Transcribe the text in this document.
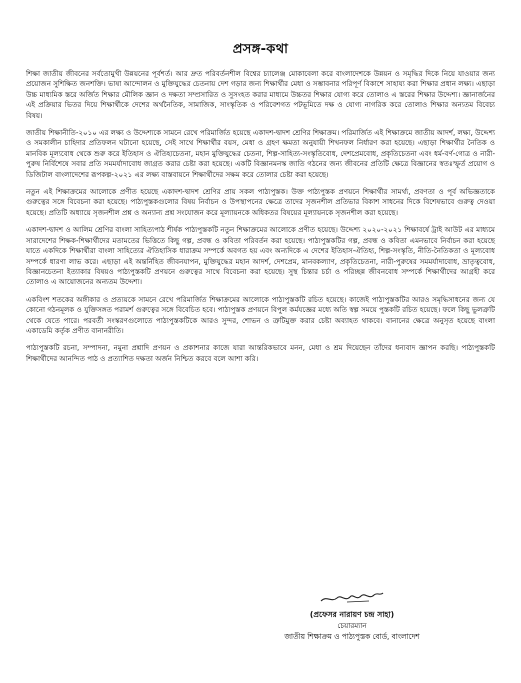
প্রসঙ্গ-কথা

শিক্ষা জাতীয় জীবনের সর্বতোমুখী উন্নয়নের পূর্বশর্ত। আর দ্রুত পরিবর্তনশীল বিশ্বের চ্যালেঞ্জ মোকাবেলা করে বাংলাদেশকে উন্নয়ন ও সমৃদ্ধির দিকে নিয়ে যাওয়ার জন্য প্রয়োজন সুশিক্ষিত জনশক্তি। ভাষা আন্দোলন ও মুক্তিযুদ্ধের চেতনায় দেশ গড়ার জন্য শিক্ষার্থীর মেধা ও সম্ভাবনার পরিপূর্ণ বিকাশে সাহায্য করা শিক্ষার প্রধান লক্ষ্য। এছাড়া উচ্চ মাধ্যমিক স্তরে অর্জিত শিক্ষার মৌলিক জ্ঞান ও দক্ষতা সম্প্রসারিত ও সুসংহত করার মাধ্যমে উচ্চতর শিক্ষার যোগ্য করে তোলাও এ স্তরের শিক্ষার উদ্দেশ্য। জ্ঞানার্জনের এই প্রক্রিয়ার ভিতর দিয়ে শিক্ষার্থীকে দেশের অর্থনৈতিক, সামাজিক, সাংস্কৃতিক ও পরিবেশগত পটভূমিতে দক্ষ ও যোগ্য নাগরিক করে তোলাও শিক্ষার অন্যতম বিবেচ্য বিষয়।

জাতীয় শিক্ষানীতি-২০১০ এর লক্ষ্য ও উদ্দেশ্যকে সামনে রেখে পরিমার্জিত হয়েছে একাদশ-দ্বাদশ শ্রেণির শিক্ষাক্রম। পরিমার্জিত এই শিক্ষাক্রমে জাতীয় আদর্শ, লক্ষ্য, উদ্দেশ্য ও সমকালীন চাহিদার প্রতিফলন ঘটানো হয়েছে, সেই সাথে শিক্ষার্থীর বয়স, মেধা ও গ্রহণ ক্ষমতা অনুযায়ী শিখনফল নির্ধারণ করা হয়েছে। এছাড়া শিক্ষার্থীর নৈতিক ও মানবিক মূল্যবোধ থেকে শুরু করে ইতিহাস ও ঐতিহ্যচেতনা, মহান মুক্তিযুদ্ধের চেতনা, শিল্প-সাহিত্য-সংস্কৃতিবোধ, দেশপ্রেমবোধ, প্রকৃতিচেতনা এবং ধর্ম-বর্ণ-গোত্র ও নারী-পুরুষ নির্বিশেষে সবার প্রতি সমমর্যাদাবোধ জাগ্রত করার চেষ্টা করা হয়েছে। একটি বিজ্ঞানমনস্ক জাতি গঠনের জন্য জীবনের প্রতিটি ক্ষেত্রে বিজ্ঞানের স্বতঃস্ফূর্ত প্রয়োগ ও ডিজিটাল বাংলাদেশের রূপকল্প-২০২১ এর লক্ষ্য বাস্তবায়নে শিক্ষার্থীদের সক্ষম করে তোলার চেষ্টা করা হয়েছে।

নতুন এই শিক্ষাক্রমের আলোকে প্রণীত হয়েছে একাদশ-দ্বাদশ শ্রেণির প্রায় সকল পাঠ্যপুস্তক। উক্ত পাঠ্যপুস্তক প্রণয়নে শিক্ষার্থীর সামর্থ্য, প্রবণতা ও পূর্ব অভিজ্ঞতাকে গুরুত্বের সঙ্গে বিবেচনা করা হয়েছে। পাঠ্যপুস্তকগুলোর বিষয় নির্বাচন ও উপস্থাপনের ক্ষেত্রে তাদের সৃজনশীল প্রতিভার বিকাশ সাধনের দিকে বিশেষভাবে গুরুত্ব দেওয়া হয়েছে। প্রতিটি অধ্যায়ে সৃজনশীল প্রশ্ন ও অন্যান্য প্রশ্ন সংযোজন করে মূল্যায়নকে অধিকতর বিষয়ের মূল্যায়নকে সৃজনশীল করা হয়েছে।

একাদশ-দ্বাদশ ও আলিম শ্রেণির বাংলা সাহিত্যপাঠ শীর্ষক পাঠ্যপুস্তকটি নতুন শিক্ষাক্রমের আলোকে প্রণীত হয়েছে। উদ্দেশ্য ২০২০-২০২১ শিক্ষাবর্ষে ট্রাই আউট এর মাধ্যমে সারাদেশের শিক্ষক-শিক্ষার্থীদের মতামতের ভিত্তিতে কিছু গল্প, প্রবন্ধ ও কবিতা পরিবর্তন করা হয়েছে। পাঠ্যপুস্তকটির গল্প, প্রবন্ধ ও কবিতা এমনভাবে নির্বাচন করা হয়েছে যাতে একদিকে শিক্ষার্থীরা বাংলা সাহিত্যের ঐতিহাসিক ধারাক্রম সম্পর্কে অবগত হয় এবং অন্যদিকে এ দেশের ইতিহাস-ঐতিহ্য, শিল্প-সংস্কৃতি, নীতি-নৈতিকতা ও মূল্যবোধ সম্পর্কে ধারণা লাভ করে। এছাড়া এই অন্তর্নিহিত জীবনযাপন, মুক্তিযুদ্ধের মহান আদর্শ, দেশপ্রেম, মানবকল্যাণ, প্রকৃতিচেতনা, নারী-পুরুষের সমমর্যাদাবোধ, ভ্রাতৃত্ববোধ, বিজ্ঞানচেতনা ইত্যাকার বিষয়ও পাঠ্যপুস্তকটি প্রণয়নে গুরুত্বের সাথে বিবেচনা করা হয়েছে। সুস্থ চিন্তার চর্চা ও পরিচ্ছন্ন জীবনবোধ সম্পর্কে শিক্ষার্থীদের আগ্রহী করে তোলাও এ আয়োজনের অন্যতম উদ্দেশ্য।

একবিংশ শতকের অঙ্গীকার ও প্রত্যয়কে সামনে রেখে পরিমার্জিত শিক্ষাক্রমের আলোকে পাঠ্যপুস্তকটি রচিত হয়েছে। কাজেই পাঠ্যপুস্তকটির আরও সমৃদ্ধিসাধনের জন্য যে কোনো গঠনমূলক ও যুক্তিসঙ্গত পরামর্শ গুরুত্বের সঙ্গে বিবেচিত হবে। পাঠ্যপুস্তক প্রণয়নে বিপুল কর্মযজ্ঞের মধ্যে অতি স্বল্প সময়ে পুস্তকটি রচিত হয়েছে। ফলে কিছু ভুলত্রুটি থেকে যেতে পারে। পরবর্তী সংস্করণগুলোতে পাঠ্যপুস্তকটিকে আরও সুন্দর, শোভন ও ত্রুটিমুক্ত করার চেষ্টা অব্যাহত থাকবে। বানানের ক্ষেত্রে অনুসৃত হয়েছে বাংলা একাডেমি কর্তৃক প্রণীত বানানরীতি।

পাঠ্যপুস্তকটি রচনা, সম্পাদনা, নমুনা প্রশ্নাদি প্রণয়ন ও প্রকাশনার কাজে যারা আন্তরিকভাবে মনন, মেধা ও শ্রম দিয়েছেন তাঁদের ধন্যবাদ জ্ঞাপন করছি। পাঠ্যপুস্তকটি শিক্ষার্থীদের আনন্দিত পাঠ ও প্রত্যাশিত দক্ষতা অর্জন নিশ্চিত করবে বলে আশা করি।

(প্রফেসর নারায়ণ চন্দ্র সাহা)
চেয়ারম্যান
জাতীয় শিক্ষাক্রম ও পাঠ্যপুস্তক বোর্ড, বাংলাদেশ
